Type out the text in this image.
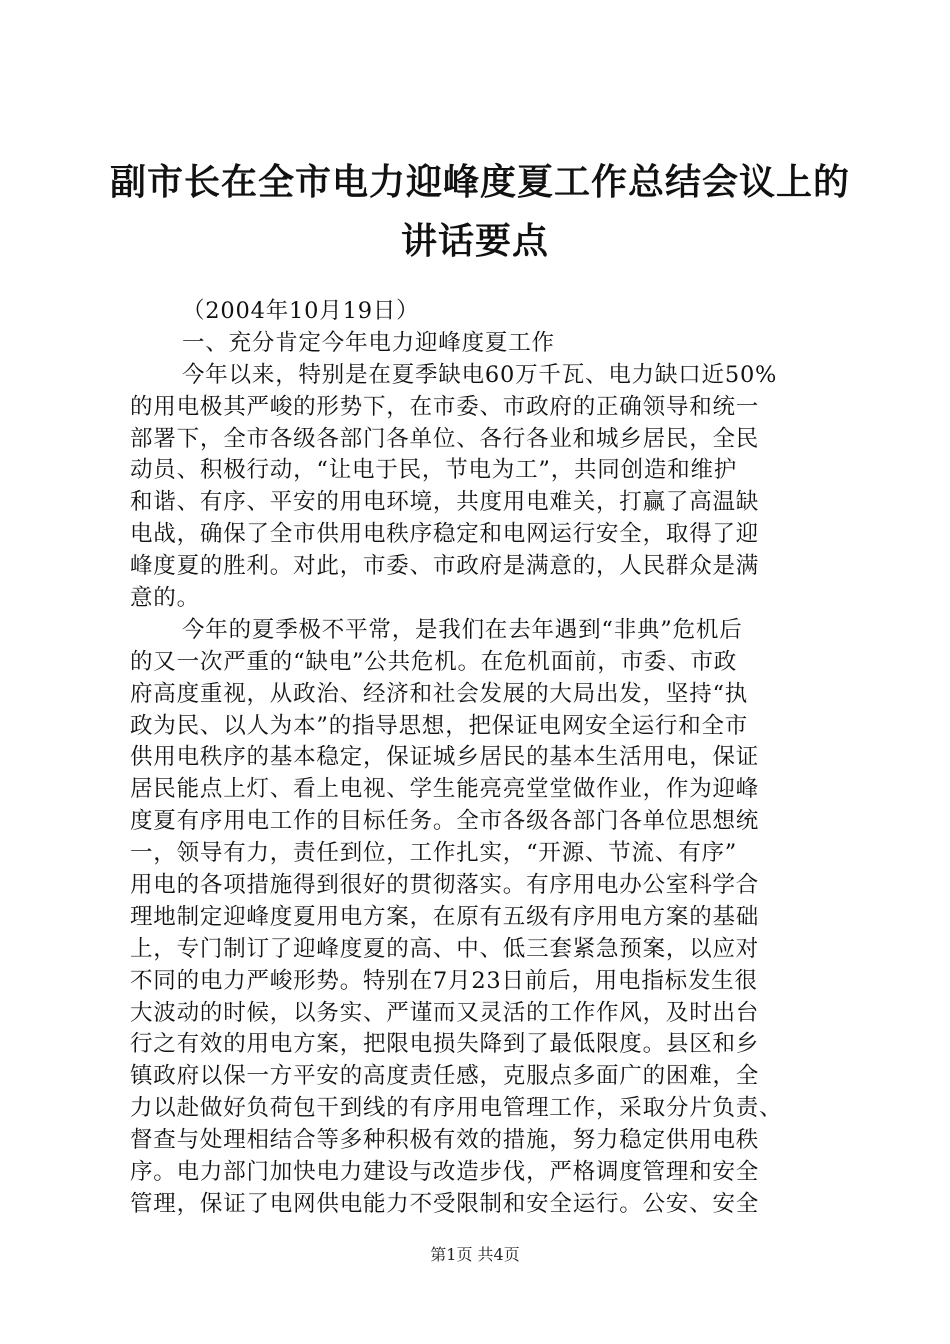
副市长在全市电力迎峰度夏工作总结会议上的
讲话要点
（2004年10月19日）
一、充分肯定今年电力迎峰度夏工作
今年以来，特别是在夏季缺电60万千瓦、电力缺口近50%
的用电极其严峻的形势下，在市委、市政府的正确领导和统一
部署下，全市各级各部门各单位、各行各业和城乡居民，全民
动员、积极行动，“让电于民，节电为工”，共同创造和维护
和谐、有序、平安的用电环境，共度用电难关，打赢了高温缺
电战，确保了全市供用电秩序稳定和电网运行安全，取得了迎
峰度夏的胜利。对此，市委、市政府是满意的，人民群众是满
意的。
今年的夏季极不平常，是我们在去年遇到“非典”危机后
的又一次严重的“缺电”公共危机。在危机面前，市委、市政
府高度重视，从政治、经济和社会发展的大局出发，坚持“执
政为民、以人为本”的指导思想，把保证电网安全运行和全市
供用电秩序的基本稳定，保证城乡居民的基本生活用电，保证
居民能点上灯、看上电视、学生能亮亮堂堂做作业，作为迎峰
度夏有序用电工作的目标任务。全市各级各部门各单位思想统
一，领导有力，责任到位，工作扎实，“开源、节流、有序”
用电的各项措施得到很好的贯彻落实。有序用电办公室科学合
理地制定迎峰度夏用电方案，在原有五级有序用电方案的基础
上，专门制订了迎峰度夏的高、中、低三套紧急预案，以应对
不同的电力严峻形势。特别在7月23日前后，用电指标发生很
大波动的时候，以务实、严谨而又灵活的工作作风，及时出台
行之有效的用电方案，把限电损失降到了最低限度。县区和乡
镇政府以保一方平安的高度责任感，克服点多面广的困难，全
力以赴做好负荷包干到线的有序用电管理工作，采取分片负责、
督查与处理相结合等多种积极有效的措施，努力稳定供用电秩
序。电力部门加快电力建设与改造步伐，严格调度管理和安全
管理，保证了电网供电能力不受限制和安全运行。公安、安全
第1页 共4页
